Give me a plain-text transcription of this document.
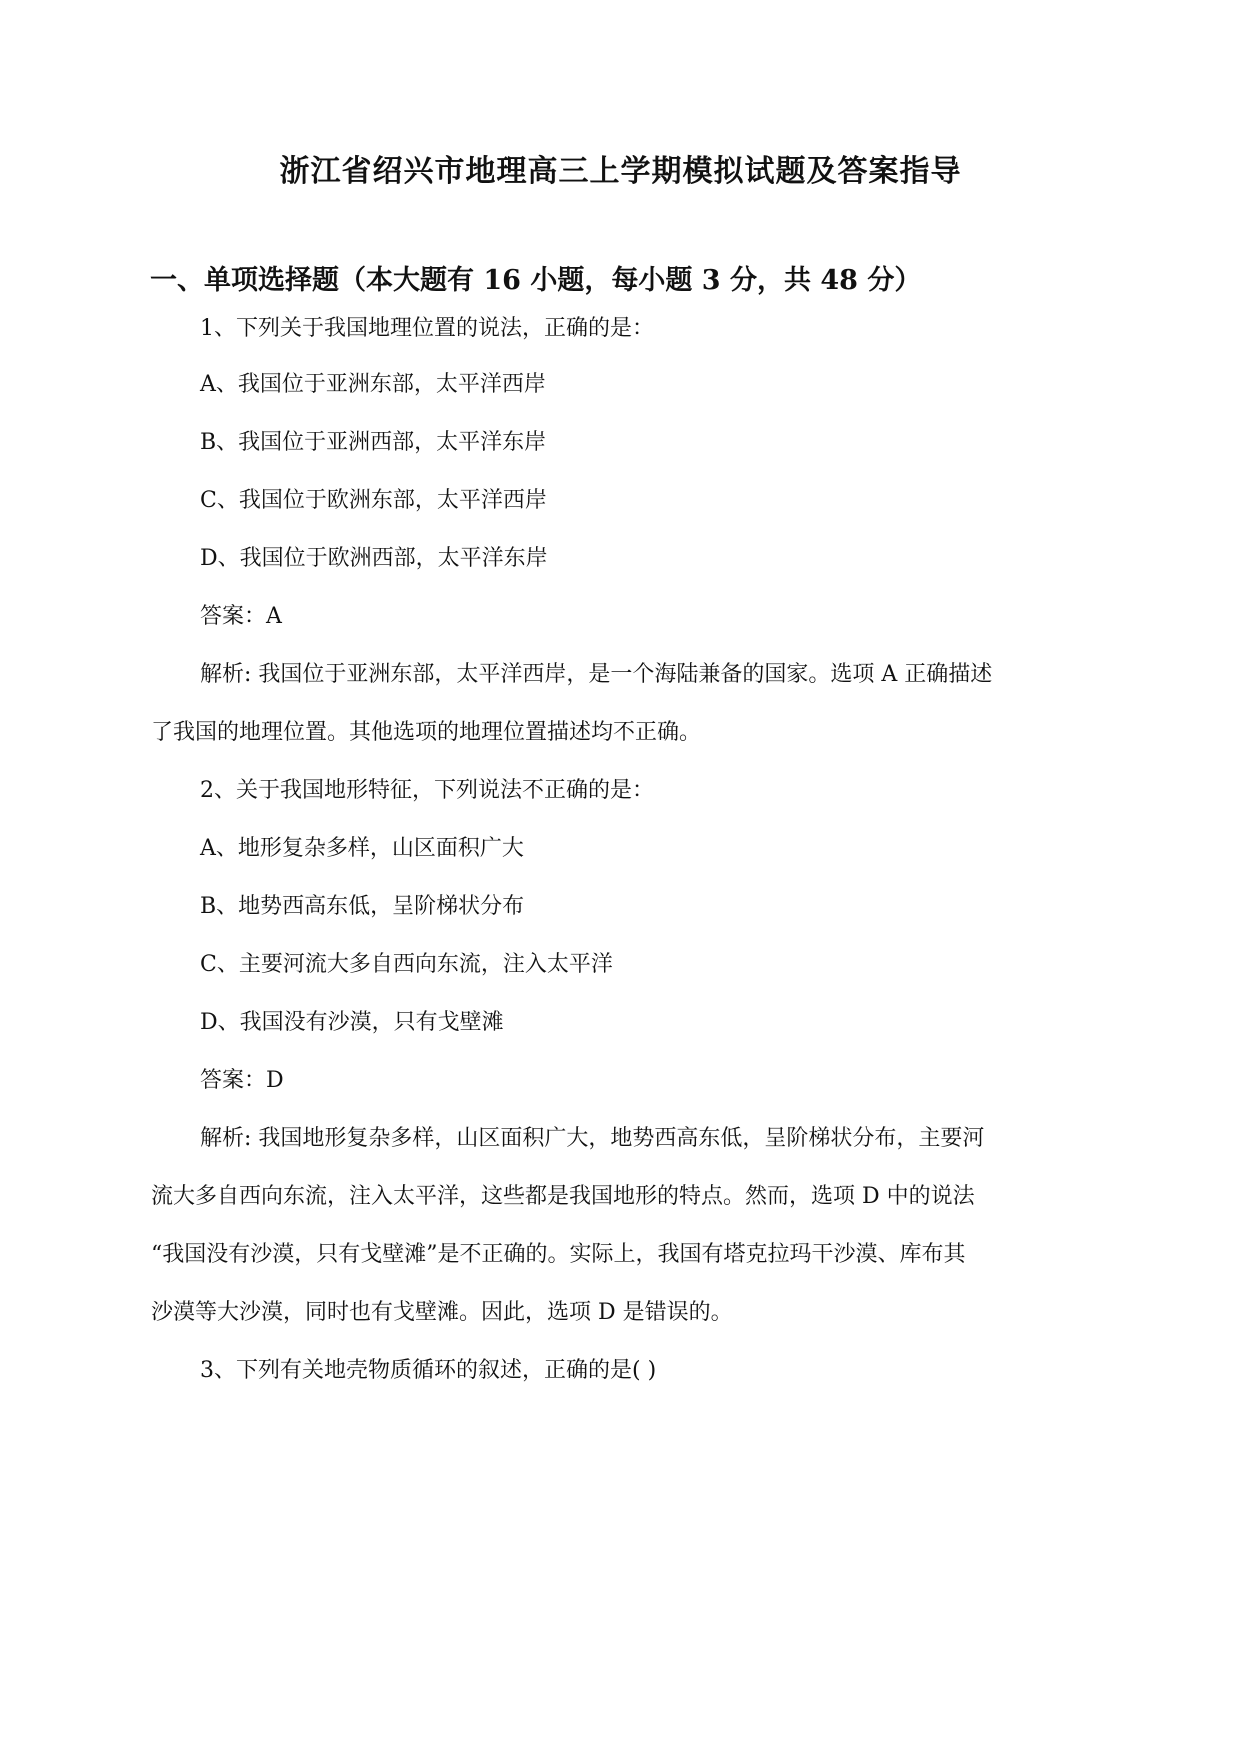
浙江省绍兴市地理高三上学期模拟试题及答案指导
一、单项选择题（本大题有 16 小题，每小题 3 分，共 48 分）
1、下列关于我国地理位置的说法，正确的是：
A、我国位于亚洲东部，太平洋西岸
B、我国位于亚洲西部，太平洋东岸
C、我国位于欧洲东部，太平洋西岸
D、我国位于欧洲西部，太平洋东岸
答案：A
解析: 我国位于亚洲东部，太平洋西岸，是一个海陆兼备的国家。选项 A 正确描述
了我国的地理位置。其他选项的地理位置描述均不正确。
2、关于我国地形特征，下列说法不正确的是：
A、地形复杂多样，山区面积广大
B、地势西高东低，呈阶梯状分布
C、主要河流大多自西向东流，注入太平洋
D、我国没有沙漠，只有戈壁滩
答案：D
解析: 我国地形复杂多样，山区面积广大，地势西高东低，呈阶梯状分布，主要河
流大多自西向东流，注入太平洋，这些都是我国地形的特点。然而，选项 D 中的说法
“我国没有沙漠，只有戈壁滩”是不正确的。实际上，我国有塔克拉玛干沙漠、库布其
沙漠等大沙漠，同时也有戈壁滩。因此，选项 D 是错误的。
3、下列有关地壳物质循环的叙述，正确的是( )
